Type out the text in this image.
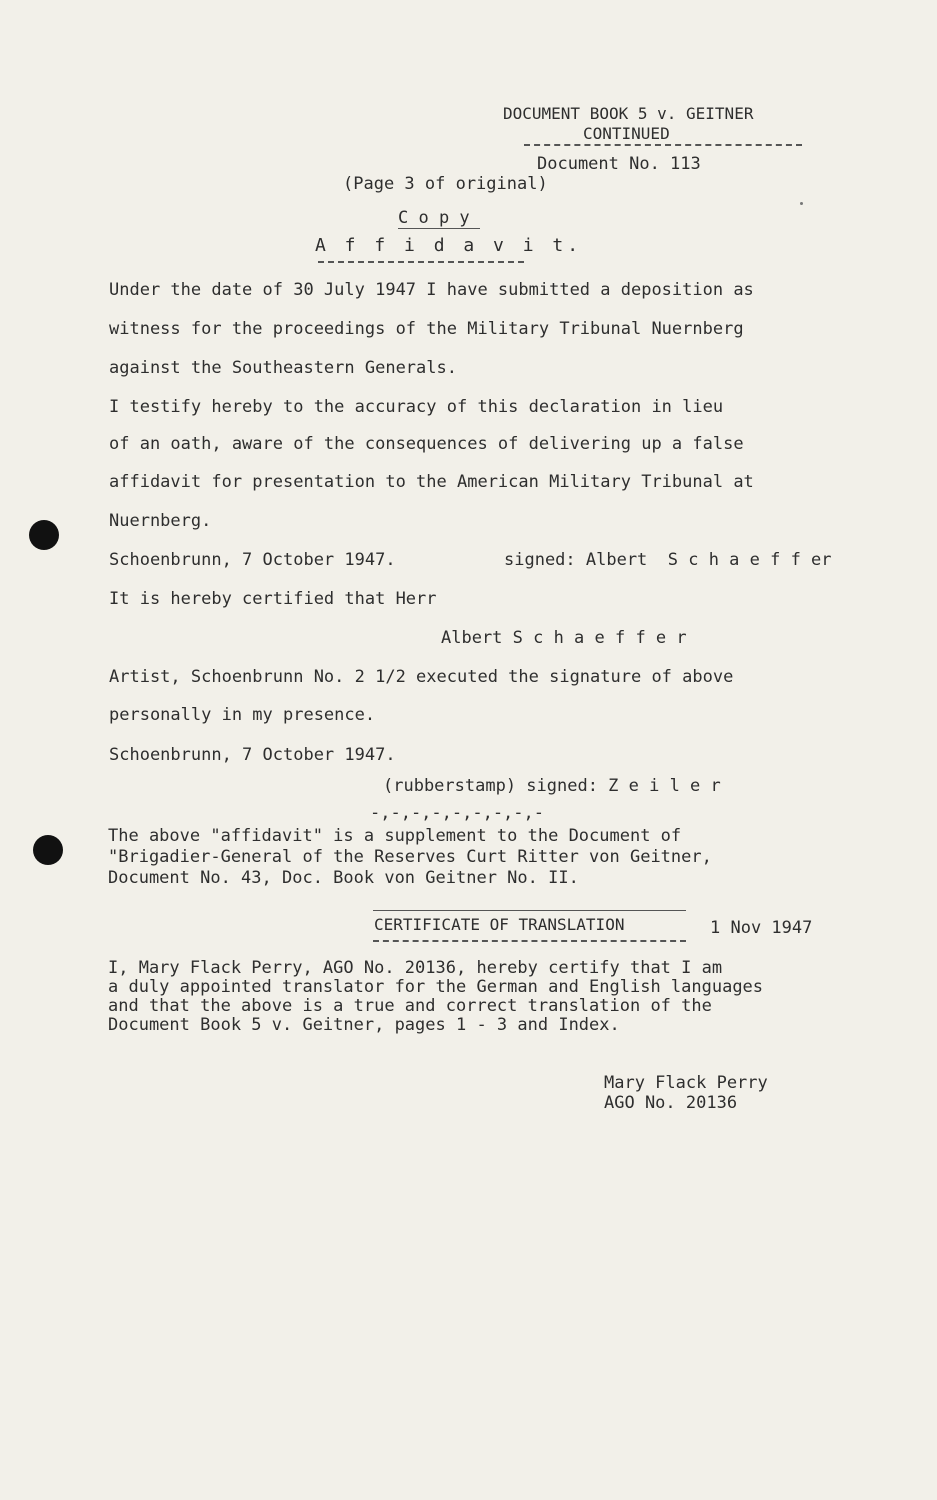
DOCUMENT BOOK 5 v. GEITNER
CONTINUED
Document No. 113
(Page 3 of original)
C o p y
A f f i d a v i t.
Under the date of 30 July 1947 I have submitted a deposition as
witness for the proceedings of the Military Tribunal Nuernberg
against the Southeastern Generals.
I testify hereby to the accuracy of this declaration in lieu
of an oath, aware of the consequences of delivering up a false
affidavit for presentation to the American Military Tribunal at
Nuernberg.
Schoenbrunn, 7 October 1947.	signed: Albert  S c h a e f f er
It is hereby certified that Herr
Albert S c h a e f f e r
Artist, Schoenbrunn No. 2 1/2 executed the signature of above
personally in my presence.
Schoenbrunn, 7 October 1947.
(rubberstamp) signed: Z e i l e r
-,-,-,-,-,-,-,-,-
The above "affidavit" is a supplement to the Document of
"Brigadier-General of the Reserves Curt Ritter von Geitner,
Document No. 43, Doc. Book von Geitner No. II.
CERTIFICATE OF TRANSLATION	1 Nov 1947
I, Mary Flack Perry, AGO No. 20136, hereby certify that I am
a duly appointed translator for the German and English languages
and that the above is a true and correct translation of the
Document Book 5 v. Geitner, pages 1 - 3 and Index.
Mary Flack Perry
AGO No. 20136
